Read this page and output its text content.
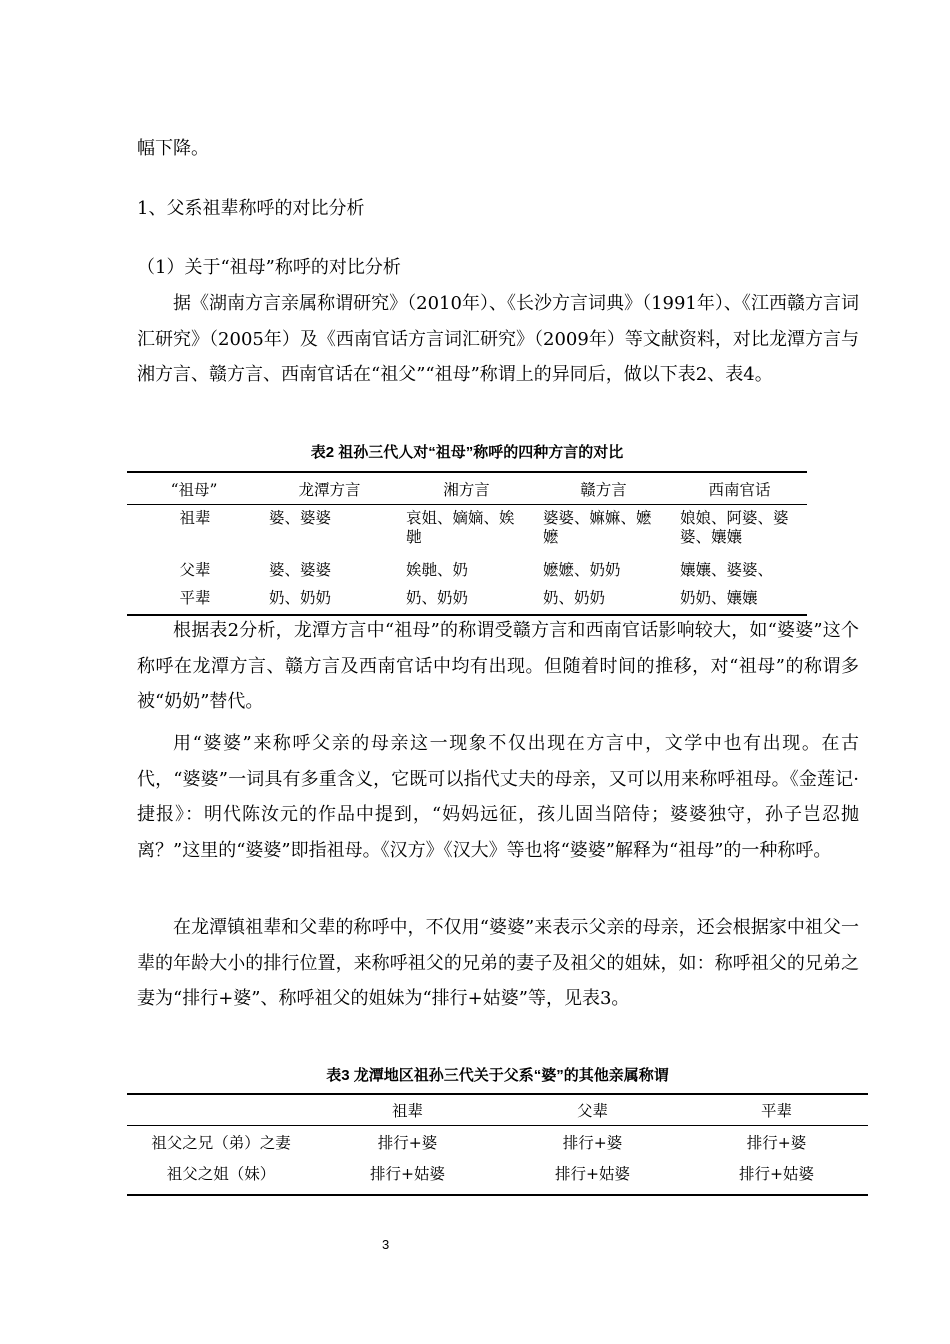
幅下降。

1、父系祖辈称呼的对比分析

（1）关于“祖母”称呼的对比分析

据《湖南方言亲属称谓研究》（2010年）、《长沙方言词典》（1991年）、《江西赣方言词汇研究》（2005年）及《西南官话方言词汇研究》（2009年）等文献资料，对比龙潭方言与湘方言、赣方言、西南官话在“祖父”“祖母”称谓上的异同后，做以下表2、表4。

表2 祖孙三代人对“祖母”称呼的四种方言的对比
“祖母”	龙潭方言	湘方言	赣方言	西南官话
祖辈	婆、婆婆	哀姐、嫡嫡、娭毑	婆婆、嫲嫲、嬷嬷	娘娘、阿婆、婆婆、孃孃
父辈	婆、婆婆	娭毑、奶	嬷嬷、奶奶	孃孃、婆婆、
平辈	奶、奶奶	奶、奶奶	奶、奶奶	奶奶、孃孃

根据表2分析，龙潭方言中“祖母”的称谓受赣方言和西南官话影响较大，如“婆婆”这个称呼在龙潭方言、赣方言及西南官话中均有出现。但随着时间的推移，对“祖母”的称谓多被“奶奶”替代。

用“婆婆”来称呼父亲的母亲这一现象不仅出现在方言中，文学中也有出现。在古代，“婆婆”一词具有多重含义，它既可以指代丈夫的母亲，又可以用来称呼祖母。《金莲记·捷报》：明代陈汝元的作品中提到，“妈妈远征，孩儿固当陪侍；婆婆独守，孙子岂忍抛离？”这里的“婆婆”即指祖母。《汉方》《汉大》等也将“婆婆”解释为“祖母”的一种称呼。

在龙潭镇祖辈和父辈的称呼中，不仅用“婆婆”来表示父亲的母亲，还会根据家中祖父一辈的年龄大小的排行位置，来称呼祖父的兄弟的妻子及祖父的姐妹，如：称呼祖父的兄弟之妻为“排行+婆”、称呼祖父的姐妹为“排行+姑婆”等，见表3。

表3 龙潭地区祖孙三代关于父系“婆”的其他亲属称谓
	祖辈	父辈	平辈
祖父之兄（弟）之妻	排行+婆	排行+婆	排行+婆
祖父之姐（妹）	排行+姑婆	排行+姑婆	排行+姑婆
3
